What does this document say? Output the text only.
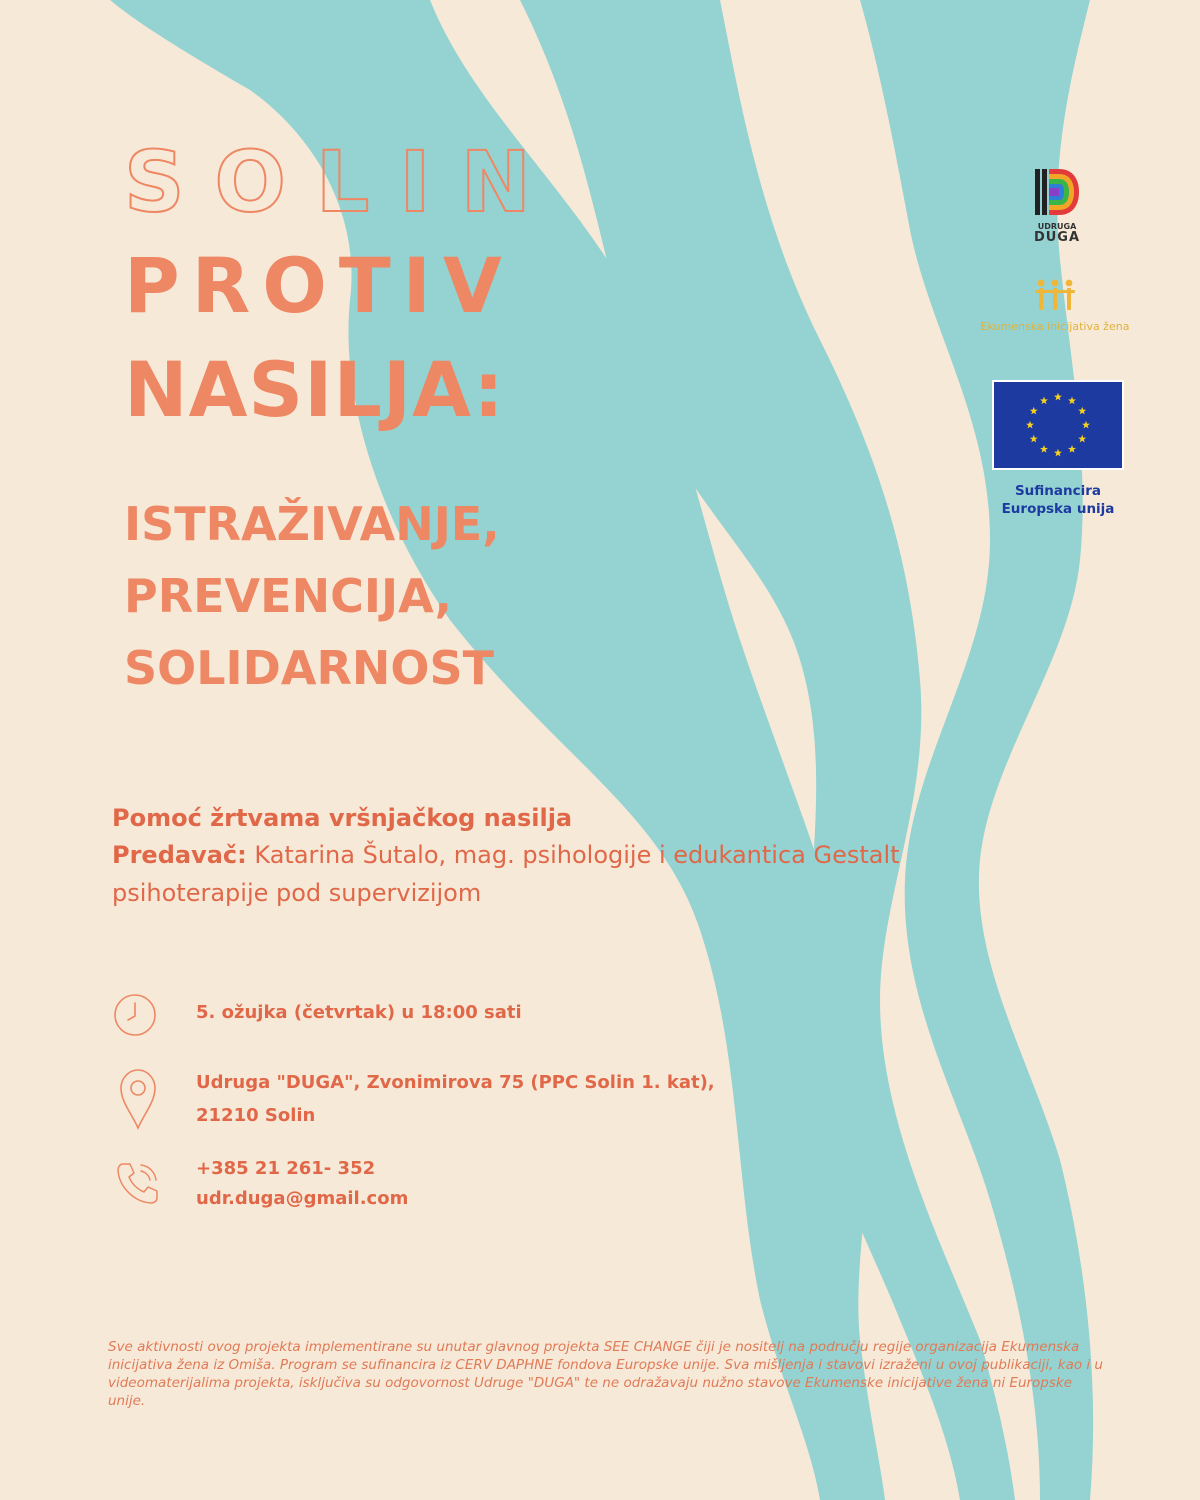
SOLIN
PROTIV
NASILJA:
ISTRAŽIVANJE,
PREVENCIJA,
SOLIDARNOST
Pomoć žrtvama vršnjačkog nasilja
Predavač: Katarina Šutalo, mag. psihologije i edukantica Gestalt
psihoterapije pod supervizijom
5. ožujka (četvrtak) u 18:00 sati
Udruga "DUGA", Zvonimirova 75 (PPC Solin 1. kat),
21210 Solin
+385 21 261- 352
udr.duga@gmail.com
Sve aktivnosti ovog projekta implementirane su unutar glavnog projekta SEE CHANGE čiji je nositelj na području regije organizacija Ekumenska inicijativa žena iz Omiša. Program se sufinancira iz CERV DAPHNE fondova Europske unije. Sva mišljenja i stavovi izraženi u ovoj publikaciji, kao i u videomaterijalima projekta, isključiva su odgovornost Udruge "DUGA" te ne odražavaju nužno stavove Ekumenske inicijative žena ni Europske unije.
UDRUGA
DUGA
Ekumenska inicijativa žena
Sufinancira
Europska unija
